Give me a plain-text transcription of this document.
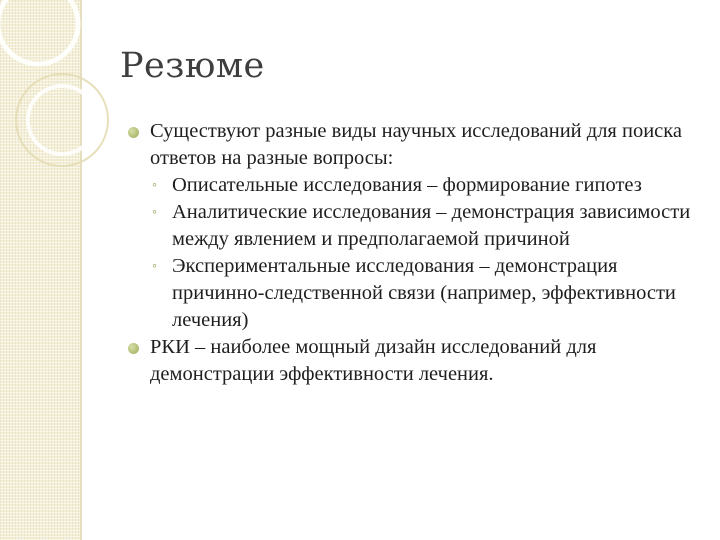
Резюме
Существуют разные виды научных исследований для поиска ответов на разные вопросы:
◦ Описательные исследования – формирование гипотез
◦ Аналитические исследования – демонстрация зависимости между явлением и предполагаемой причиной
◦ Экспериментальные исследования – демонстрация причинно-следственной связи (например, эффективности лечения)
РКИ – наиболее мощный дизайн исследований для демонстрации эффективности лечения.
